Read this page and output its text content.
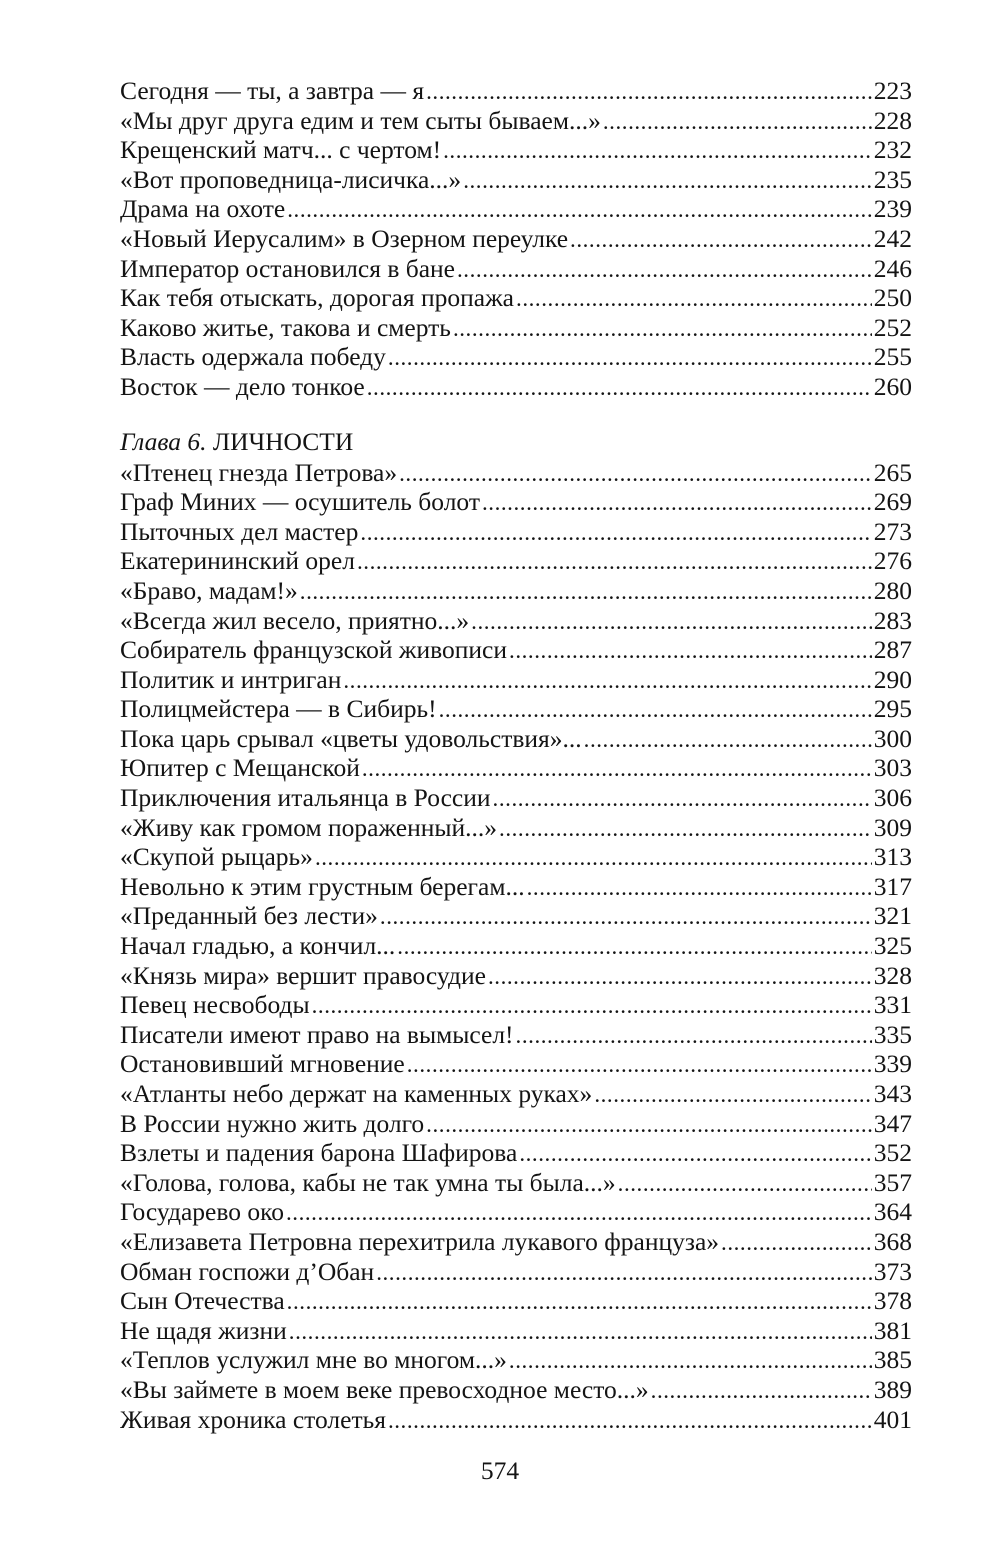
Сегодня — ты, а завтра — я . . .	223
«Мы друг друга едим и тем сыты бываем...» . . .	228
Крещенский матч... с чертом! . . .	232
«Вот проповедница-лисичка...» . . .	235
Драма на охоте . . .	239
«Новый Иерусалим» в Озерном переулке . . .	242
Император остановился в бане . . .	246
Как тебя отыскать, дорогая пропажа . . .	250
Каково житье, такова и смерть . . .	252
Власть одержала победу . . .	255
Восток — дело тонкое . . .	260
Глава 6. ЛИЧНОСТИ
«Птенец гнезда Петрова» . . .	265
Граф Миних — осушитель болот . . .	269
Пыточных дел мастер . . .	273
Екатерининский орел . . .	276
«Браво, мадам!» . . .	280
«Всегда жил весело, приятно...» . . .	283
Собиратель французской живописи . . .	287
Политик и интриган . . .	290
Полицмейстера — в Сибирь! . . .	295
Пока царь срывал «цветы удовольствия»... . . .	300
Юпитер с Мещанской . . .	303
Приключения итальянца в России . . .	306
«Живу как громом пораженный...» . . .	309
«Скупой рыцарь» . . .	313
Невольно к этим грустным берегам... . . .	317
«Преданный без лести» . . .	321
Начал гладью, а кончил... . . .	325
«Князь мира» вершит правосудие . . .	328
Певец несвободы . . .	331
Писатели имеют право на вымысел! . . .	335
Остановивший мгновение . . .	339
«Атланты небо держат на каменных руках» . . .	343
В России нужно жить долго . . .	347
Взлеты и падения барона Шафирова . . .	352
«Голова, голова, кабы не так умна ты была...» . . .	357
Государево око . . .	364
«Елизавета Петровна перехитрила лукавого француза» . . .	368
Обман госпожи д’Обан . . .	373
Сын Отечества . . .	378
Не щадя жизни . . .	381
«Теплов услужил мне во многом...» . . .	385
«Вы займете в моем веке превосходное место...» . . .	389
Живая хроника столетья . . .	401
574
